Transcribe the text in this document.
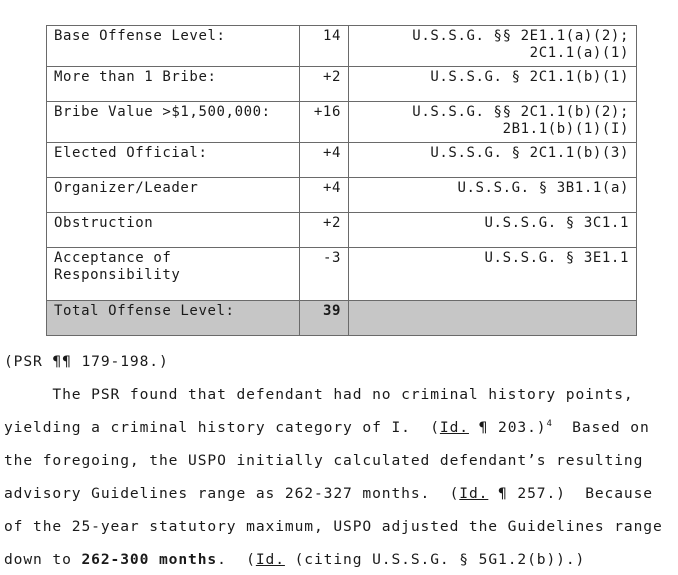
Base Offense Level:	14	U.S.S.G. §§ 2E1.1(a)(2);
2C1.1(a)(1)
More than 1 Bribe:	+2	U.S.S.G. § 2C1.1(b)(1)
Bribe Value >$1,500,000:	+16	U.S.S.G. §§ 2C1.1(b)(2);
2B1.1(b)(1)(I)
Elected Official:	+4	U.S.S.G. § 2C1.1(b)(3)
Organizer/Leader	+4	U.S.S.G. § 3B1.1(a)
Obstruction	+2	U.S.S.G. § 3C1.1
Acceptance of
Responsibility	-3	U.S.S.G. § 3E1.1
Total Offense Level:	39	
(PSR ¶¶ 179-198.)
The PSR found that defendant had no criminal history points,
yielding a criminal history category of I.  (Id. ¶ 203.)$^4$  Based on
the foregoing, the USPO initially calculated defendant’s resulting
advisory Guidelines range as 262-327 months.  (Id. ¶ 257.)  Because
of the 25-year statutory maximum, USPO adjusted the Guidelines range
down to 262-300 months.  (Id. (citing U.S.S.G. § 5G1.2(b)).)
